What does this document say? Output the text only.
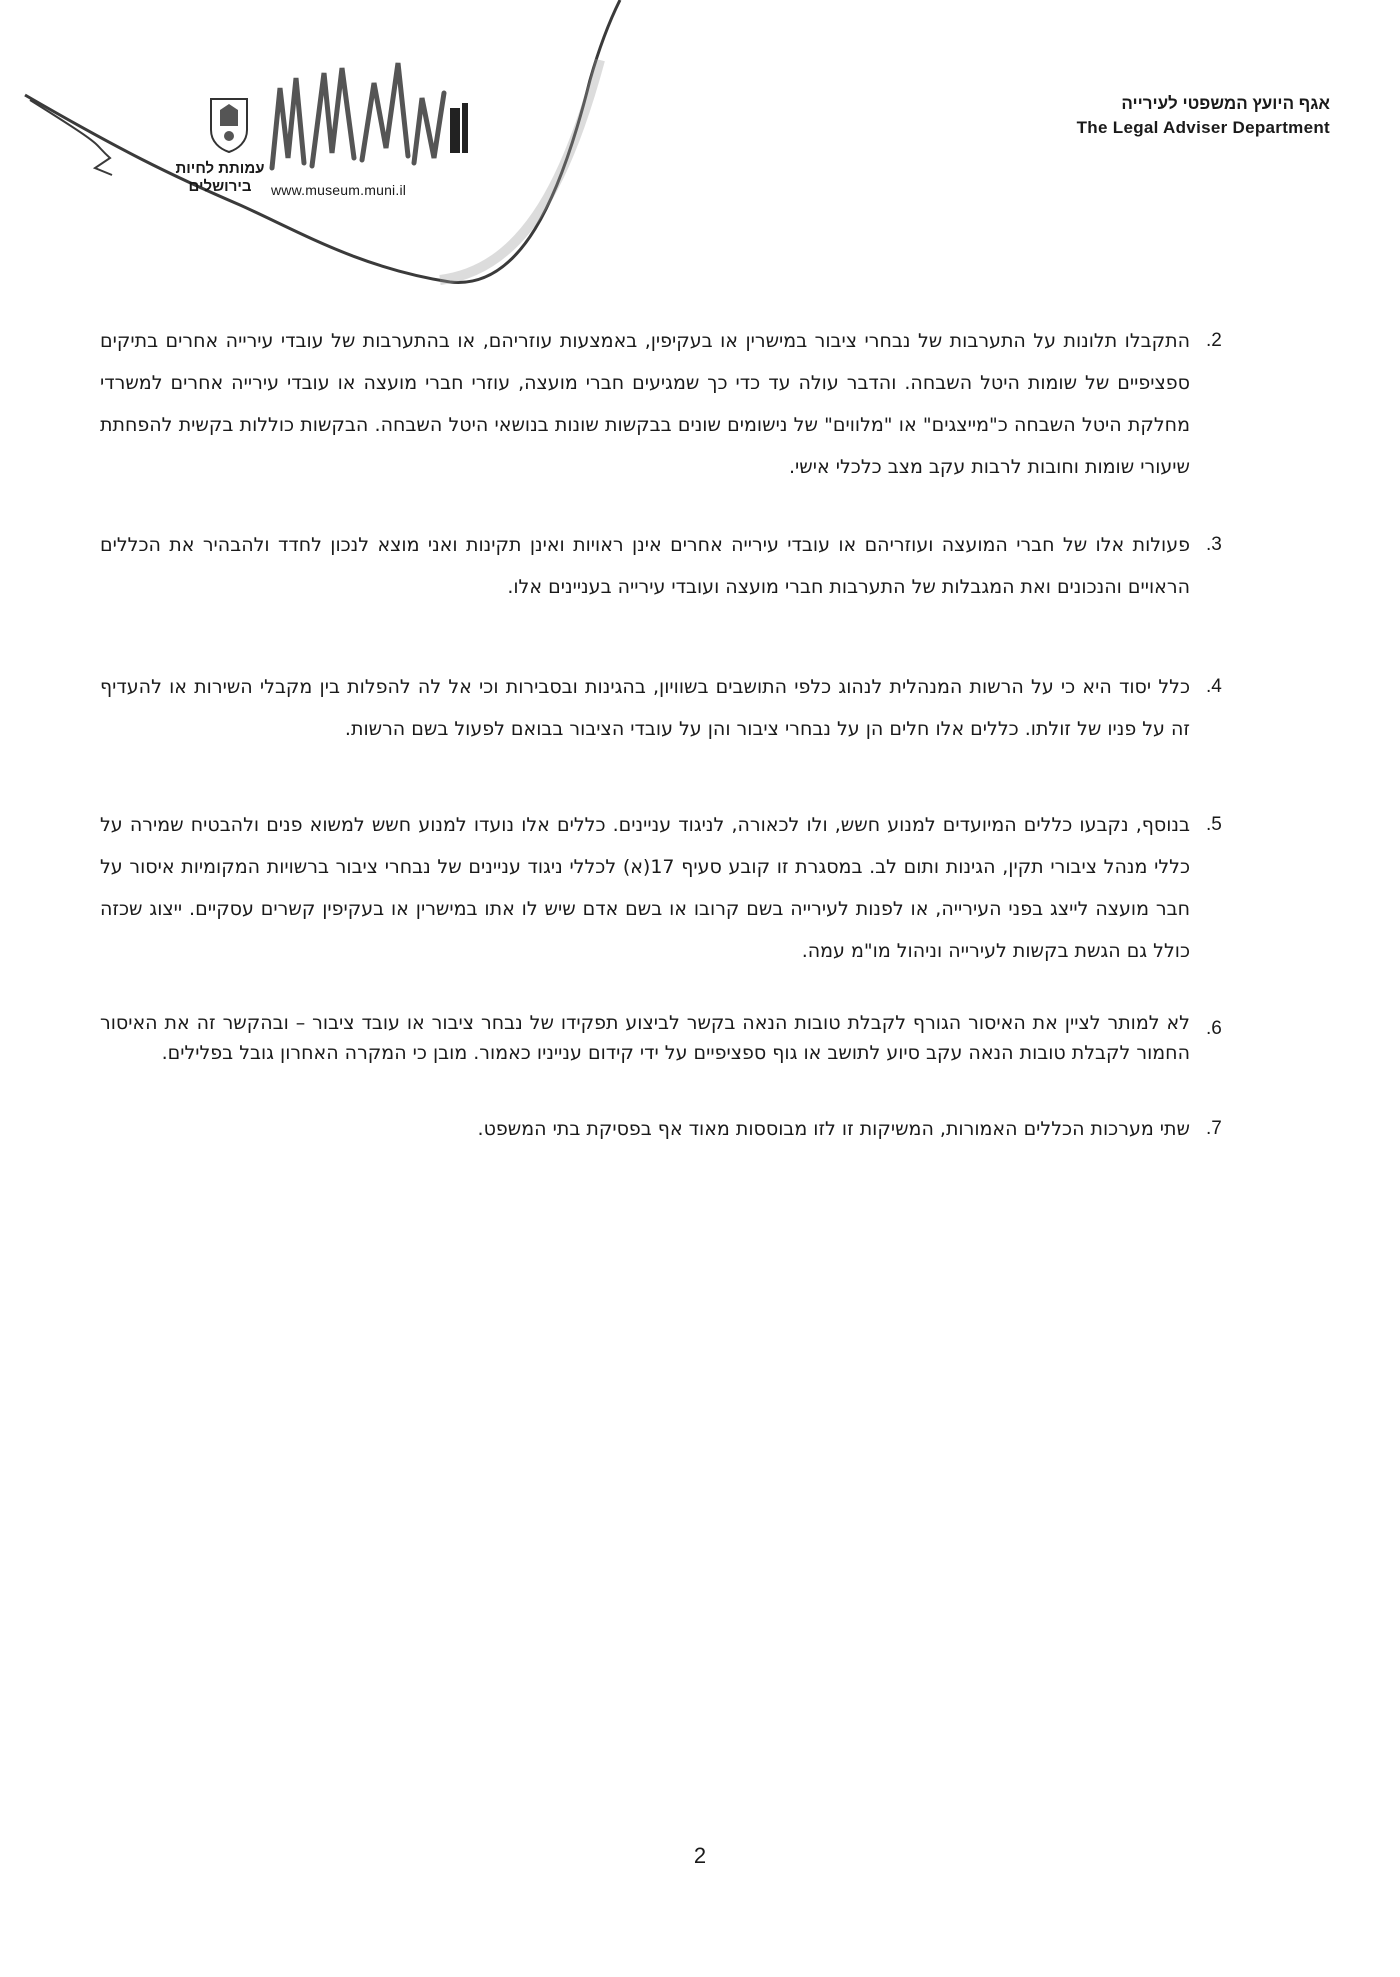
עמותת לחיות
בירושלים	www.museum.muni.il
אגף היועץ המשפטי לעירייה
The Legal Adviser Department
2.
התקבלו תלונות על התערבות של נבחרי ציבור במישרין או בעקיפין, באמצעות עוזריהם, או בהתערבות של עובדי עירייה אחרים בתיקים ספציפיים של שומות היטל השבחה. והדבר עולה עד כדי כך שמגיעים חברי מועצה, עוזרי חברי מועצה או עובדי עירייה אחרים למשרדי מחלקת היטל השבחה כ"מייצגים" או "מלווים" של נישומים שונים בבקשות שונות בנושאי היטל השבחה. הבקשות כוללות בקשית להפחתת שיעורי שומות וחובות לרבות עקב מצב כלכלי אישי.
3.
פעולות אלו של חברי המועצה ועוזריהם או עובדי עירייה אחרים אינן ראויות ואינן תקינות ואני מוצא לנכון לחדד ולהבהיר את הכללים הראויים והנכונים ואת המגבלות של התערבות חברי מועצה ועובדי עירייה בעניינים אלו.
4.
כלל יסוד היא כי על הרשות המנהלית לנהוג כלפי התושבים בשוויון, בהגינות ובסבירות וכי אל לה להפלות בין מקבלי השירות או להעדיף זה על פניו של זולתו. כללים אלו חלים הן על נבחרי ציבור והן על עובדי הציבור בבואם לפעול בשם הרשות.
5.
בנוסף, נקבעו כללים המיועדים למנוע חשש, ולו לכאורה, לניגוד עניינים. כללים אלו נועדו למנוע חשש למשוא פנים ולהבטיח שמירה על כללי מנהל ציבורי תקין, הגינות ותום לב. במסגרת זו קובע סעיף 17(א) לכללי ניגוד עניינים של נבחרי ציבור ברשויות המקומיות איסור על חבר מועצה לייצג בפני העירייה, או לפנות לעירייה בשם קרובו או בשם אדם שיש לו אתו במישרין או בעקיפין קשרים עסקיים. ייצוג שכזה כולל גם הגשת בקשות לעירייה וניהול מו"מ עמה.
6.
לא למותר לציין את האיסור הגורף לקבלת טובות הנאה בקשר לביצוע תפקידו של נבחר ציבור או עובד ציבור – ובהקשר זה את האיסור החמור לקבלת טובות הנאה עקב סיוע לתושב או גוף ספציפיים על ידי קידום ענייניו כאמור. מובן כי המקרה האחרון גובל בפלילים.
7.
שתי מערכות הכללים האמורות, המשיקות זו לזו מבוססות מאוד אף בפסיקת בתי המשפט.
2
